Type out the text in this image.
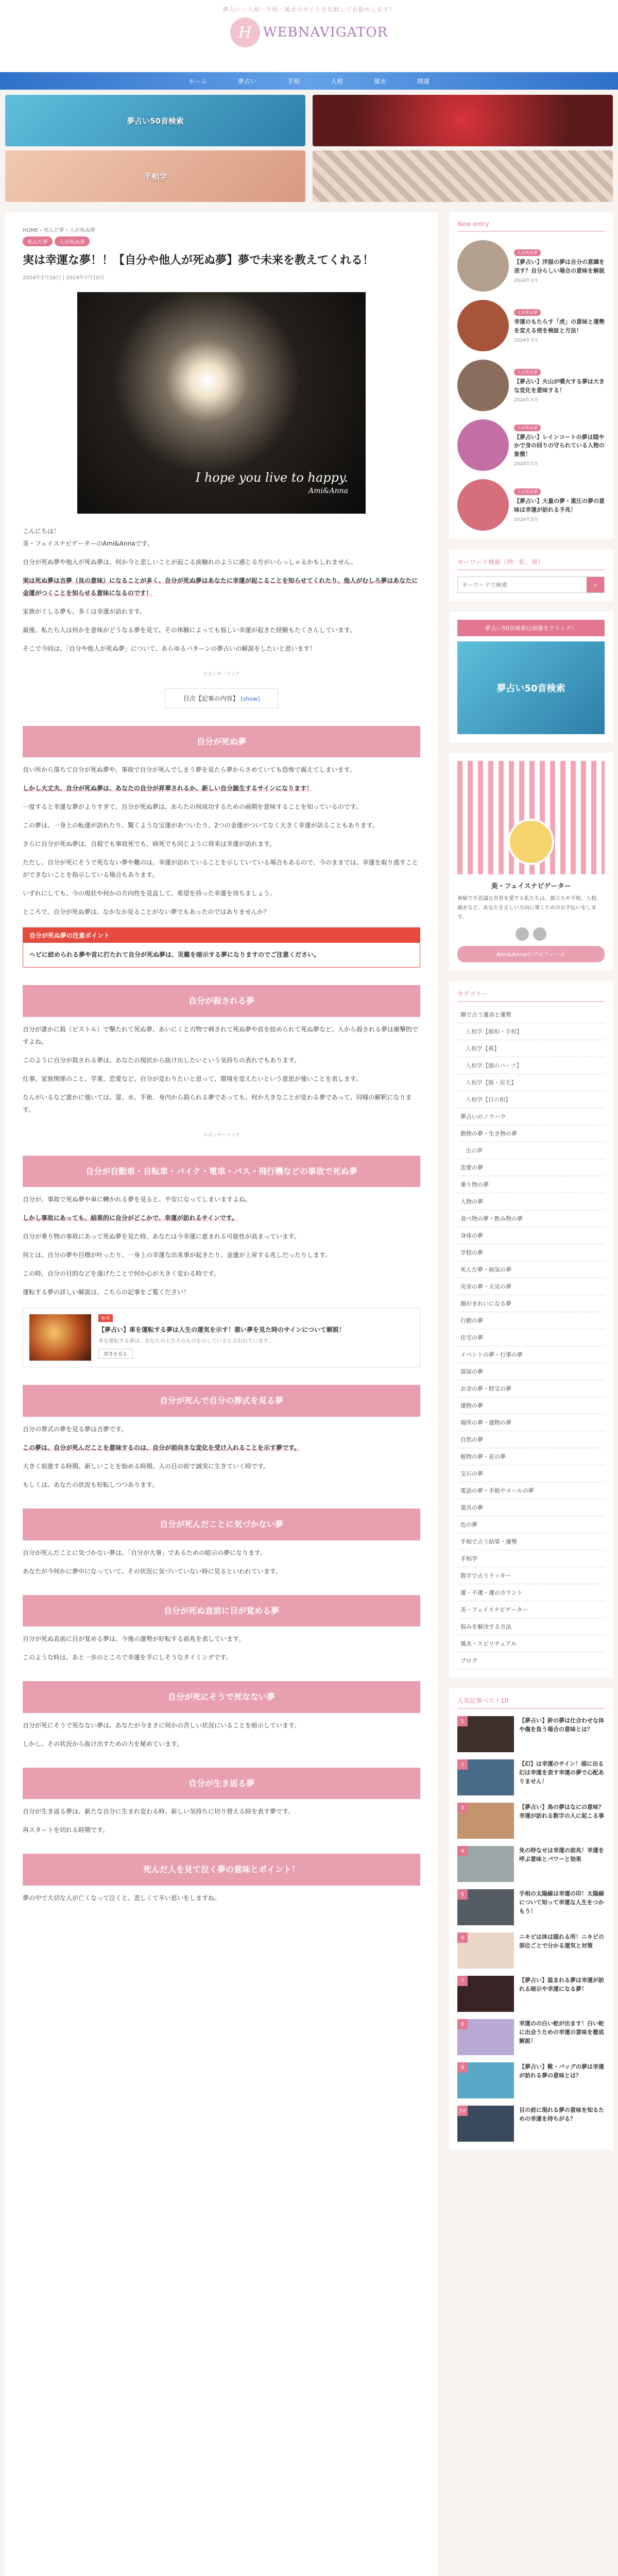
夢占い・人相・手相・風水のサイトを比較してお勧めします！
H WEBNAVIGATOR
ホーム	夢占い	手相	人相	風水	開運
夢占い50音検索
手相学
HOME › 死んだ夢 › 人が死ぬ夢
死んだ夢 人が死ぬ夢
実は幸運な夢！！【自分や他人が死ぬ夢】夢で未来を教えてくれる！
2024年2月16日 | 2024年7月10日
I hope you live to happy.
Ami&Anna

こんにちは！
美・フェイスナビゲーターのAmi&Annaです。

自分が死ぬ夢や他人が死ぬ夢は、何か今と悲しいことが起こる前触れのように感じる方がいらっしゃるかもしれません。

実は死ぬ夢は吉夢（良の意味）になることが多く、自分が死ぬ夢はあなたに幸運が起こることを知らせてくれたり、他人がむしろ夢はあなたに金運がつくことを知らせる意味になるのです！

家族がぐしる夢も、多くは幸運が訪れます。

最後、私たち人は何かを意味がどうなる夢を見て、その体験によっても悩しい幸運が起きた経験もたくさんしています。

そこで今回は、「自分や他人が死ぬ夢」について、あらゆるパターンの夢占いの解説をしたいと思います！

スポンサーリンク
目次【記事の内容】 [show]
自分が死ぬ夢

良い所から落ちて自分が死ぬ夢や、事故で自分が死んでしまう夢を見たら夢からさめていても恐怖で震えてしまいます。

しかし大丈夫、自分が死ぬ夢は、あなたの自分が昇華されるか、新しい自分誕生するサインになります！

一度すると幸運な夢がよりすぎて、自分が死ぬ夢は、あらたの何成功するための画期を意味することを知っているのです。

この夢は、一身上の転運が訪れたり、驚くような宝運があついたり、2つの金運がついてなく大きく幸運が訪ることもあります。

さらに自分が死ぬ夢は、自殺でも事故死でも、病死でも同じように将来は幸運が訪れます。

ただし、自分が死にそうで死なない夢や難のは、幸運が訪れていることを示していている場合もあるので、今のままでは、幸運を取り逃すことができないことを指示している場合もあります。

いずれにしても、今の現状や何かの方向性を見直して、希望を持った幸運を待ちましょう。

ところで、自分が死ぬ夢は、なかなか見ることがない夢でもあったのではありませんか？

自分が死ぬ夢の注意ポイント
ヘビに絞められる夢や首に打たれて自分が死ぬ夢は、災難を暗示する夢になりますのでご注意ください。
自分が殺される夢

自分が誰かに殺（ピストル）で撃たれて死ぬ夢、あいにくと刃物で刺されて死ぬ夢や首を絞められて死ぬ夢など、人から殺される夢は衝撃的ですよね。

このように自分が殺される夢は、あなたの現状から抜け出したいという気持ちの表れでもあります。

仕事、家族関係のこと、学業、恋愛など、自分が変わりたいと思って、環境を変えたいという意思が強いことを表します。

なんがいるなど誰かに強いては、霊、水、手術、身内から殺られる夢であっても、何か大きなことが変わる夢であって、同様の解釈になります。

スポンサーリンク
自分が自動車・自転車・バイク・電車・バス・飛行機などの事故で死ぬ夢

自分が、事故で死ぬ夢や車に轢かれる夢を見ると、不安になってしまいますよね。

しかし事故にあっても、結果的に自分がどこかで、幸運が訪れるサインです。

自分が乗り物の事故にあって死ぬ夢を見た時、あなたは今幸運に恵まれる可能性が高まっています。

何とは、自分の夢や目標が叶ったり、一身上の幸運な出来事が起きたり、金運が上昇する兆しだったりします。

この時、自分の目的などを遂げたことで何か心が大きく変わる時です。

運転する夢の詳しい解説は、こちらの記事をご覧ください！

参考
【夢占い】車を運転する夢は人生の運気を示す！悪い夢を見た時のサインについて解説！
車を運転する夢は、あなたの人生そのものを示していると言われています...
続きを見る
自分が死んで自分の葬式を見る夢

自分の葬式の夢を見る夢は吉夢です。

この夢は、自分が死んだことを意味するのは、自分が前向きな変化を受け入れることを示す夢です。

大きく前進する時期、新しいことを始める時期、人の目の前で誠実に生きていく時です。

もしくは、あなたの状況も好転しつつあります。

自分が死んだことに気づかない夢

自分が死んだことに気づかない夢は、「自分が大事」であるための暗示の夢になります。

あなたが今何かに夢中になっていて、その状況に気づいていない時に見るといわれています。

自分が死ぬ直前に目が覚める夢

自分が死ぬ直前に目が覚める夢は、今後の運勢が好転する前兆を表しています。

このような時は、あと一歩のところで幸運を手にしそうなタイミングです。

自分が死にそうで死なない夢

自分が死にそうで死なない夢は、あなたが今まさに何かの苦しい状況にいることを暗示しています。

しかし、その状況から抜け出すための力を秘めています。

自分が生き返る夢

自分が生き返る夢は、新たな自分に生まれ変わる時、新しい気持ちに切り替える時を表す夢です。

再スタートを切れる時期です。

死んだ人を見て泣く夢の意味とポイント！

夢の中で大切な人が亡くなって泣くと、悲しくて辛い思いをしますね。

New entry
人が死ぬ夢
【夢占い】洋服の夢は自分の意識を表す？自分らしい場合の意味を解説
2024年3月
人が死ぬ夢
幸運のもたらす「虎」の意味と運勢を変える使を検証と方法！
2024年3月
人が死ぬ夢
【夢占い】火山が噴火する夢は大きな変化を意味する！
2024年3月
人が死ぬ夢
【夢占い】レインコートの夢は隠やかで身の回りの守られている人物の象徴！
2024年3月
人が死ぬ夢
【夢占い】大量の夢・重圧の夢の意味は幸運が訪れる予兆！
2024年3月
キーワード検索（例：虹、車）
キーワードで検索
⌕
夢占い50音検索は画像をクリック！
夢占い50音検索
美・フェイスナビゲーター
神秘で不思議な世界を愛する私たちは、顔立ちや手相、人相、風水など、あなたを正しい方向に導くためのお手伝いをします。
Ami&Annaのプロフィール
カテゴリー
顔で占う運命と運勢
人相学【顔相・手相】
人相学【鼻】
人相学【顔のパーツ】
人相学【額・眉毛】
人相学【目の相】
夢占いのノウハウ
動物の夢・生き物の夢
虫の夢
恋愛の夢
乗り物の夢
人物の夢
食べ物の夢・飲み物の夢
身体の夢
学校の夢
死んだ夢・病気の夢
災害の夢・天災の夢
顔がきれいになる夢
行動の夢
住宅の夢
イベントの夢・行事の夢
部屋の夢
お金の夢・財宝の夢
建物の夢
場所の夢・建物の夢
自然の夢
植物の夢・花の夢
宝石の夢
電話の夢・手紙やメールの夢
道具の夢
色の夢
手相で占う結果・運勢
手相学
数字で占うラッキー
運・不運・運のカウント
美・フェイスナビゲーター
悩みを解決する方法
風水・スピリチュアル
ブログ
人気記事ベスト10
1	【夢占い】鈴の夢は仕合わせな体や傷を負う場合の意味とは？
2	【幻】は幸運のサイン！頭に出る幻は幸運を表す幸運の夢で心配ありません！
3	【夢占い】鳥の夢はなにの意味？幸運が訪れる数字の人に起こる事
4	免の時なせは幸運の前兆！幸運を呼ぶ意味とパワーと効果
5	手相の太陽線は幸運の印！太陽線について知って幸運な人生をつかもう！
6	ニキビは体は隠れる所！ニキビの部位ごとで分かる運気と対策
7	【夢占い】温まれる夢は幸運が訪れる暗示や幸運になる夢！
8	幸運のの白い蛇が出ます！白い蛇に出会うための幸運の意味を徹底解説！
9	【夢占い】靴・バッグの夢は幸運が訪れる夢の意味とは？
10	目の前に現れる夢の意味を知るための幸運を持ちがる？
